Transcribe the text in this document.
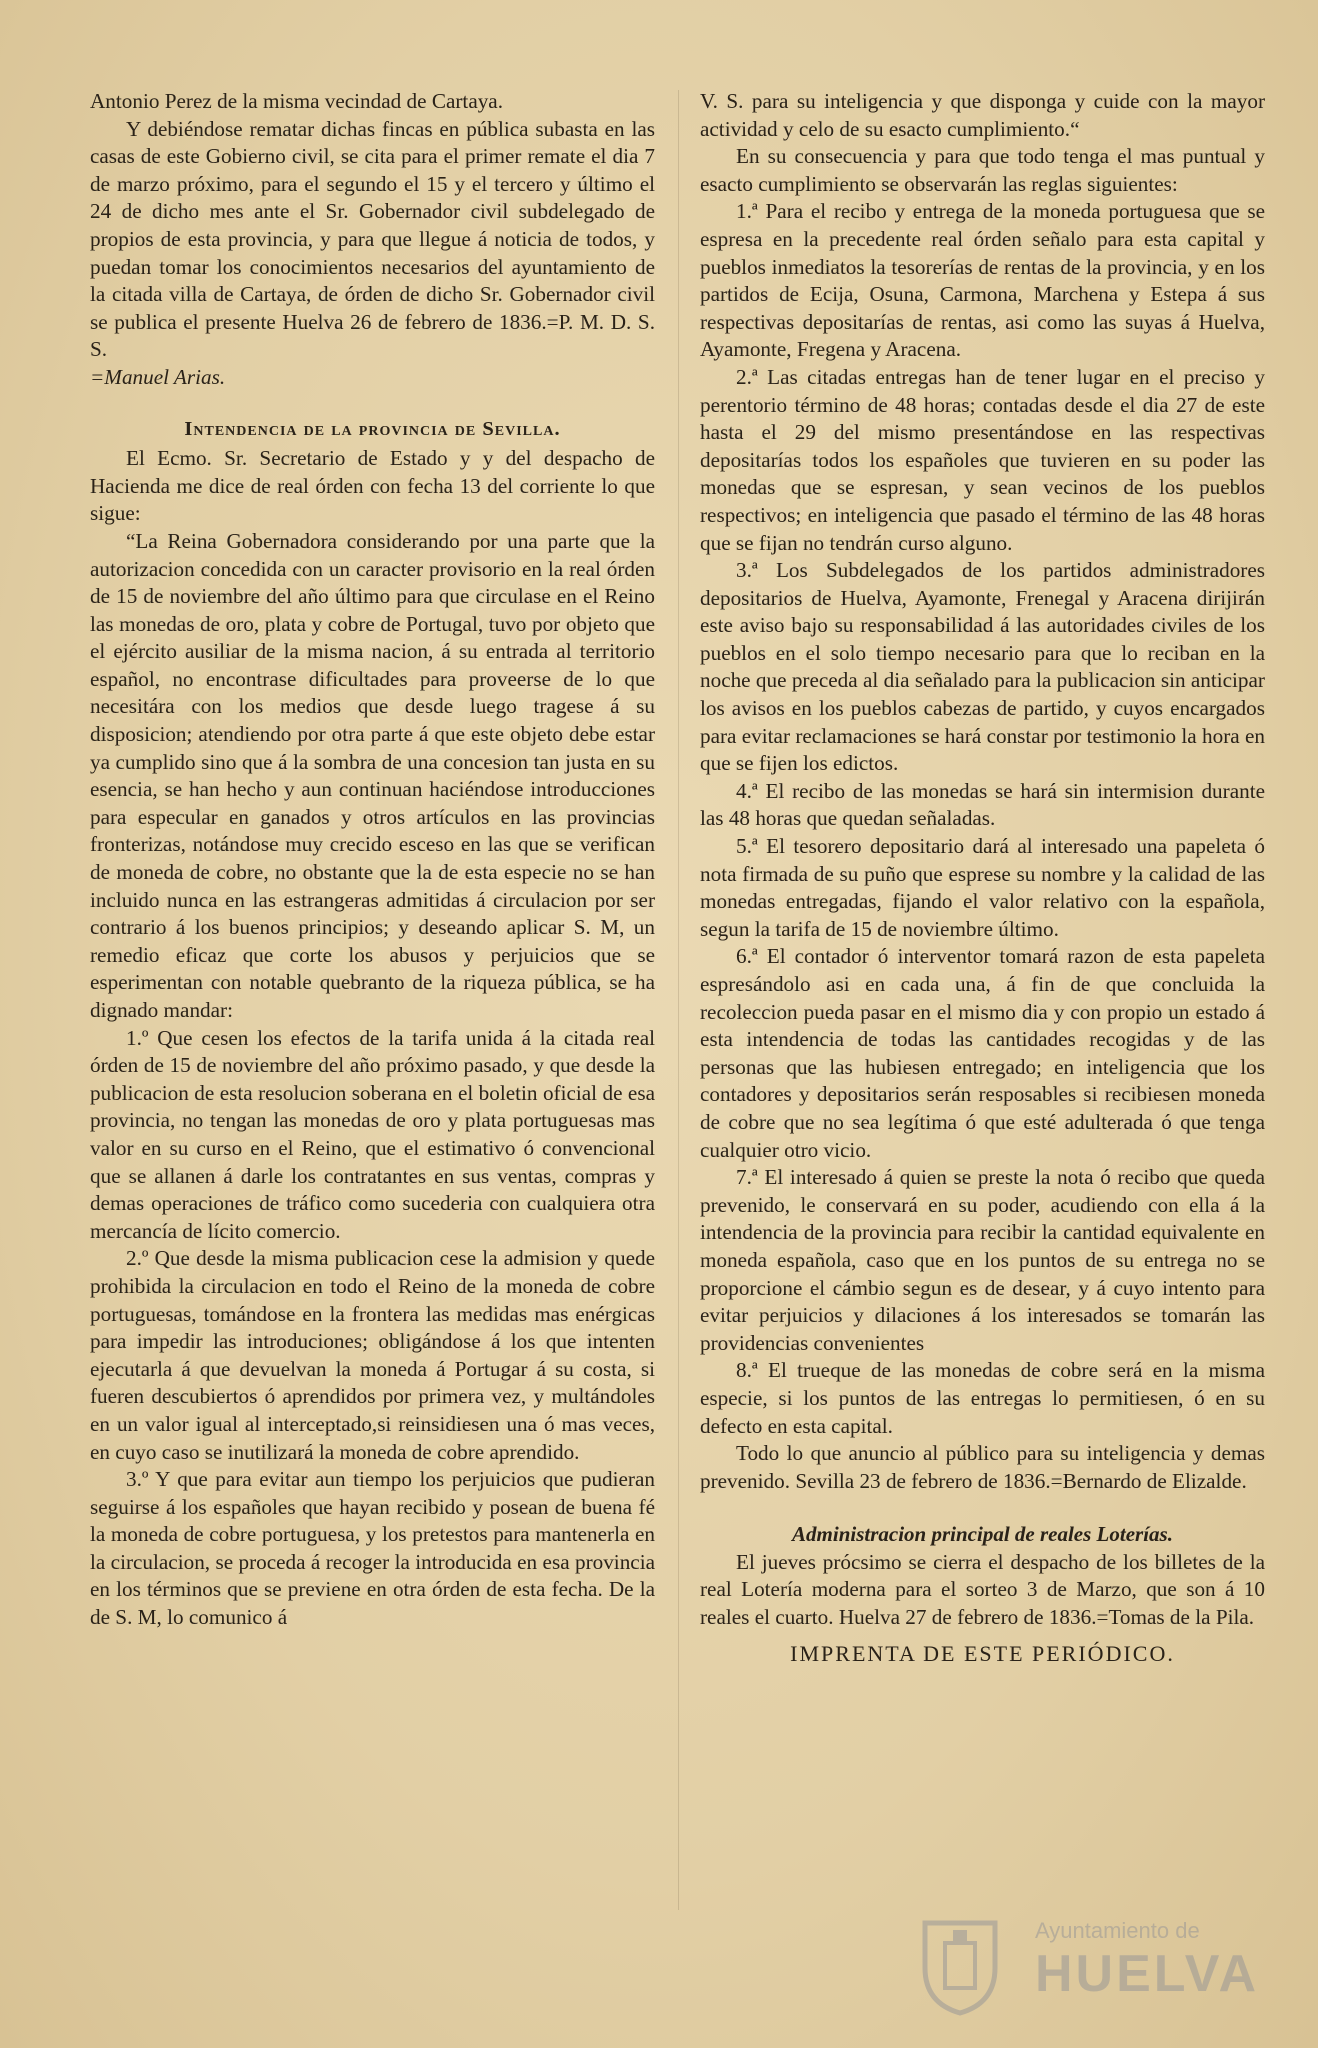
Antonio Perez de la misma vecindad de Cartaya.

Y debiéndose rematar dichas fincas en pública subasta en las casas de este Gobierno civil, se cita para el primer remate el dia 7 de marzo próximo, para el segundo el 15 y el tercero y último el 24 de dicho mes ante el Sr. Gobernador civil subdelegado de propios de esta provincia, y para que llegue á noticia de todos, y puedan tomar los conocimientos necesarios del ayuntamiento de la citada villa de Cartaya, de órden de dicho Sr. Gobernador civil se publica el presente Huelva 26 de febrero de 1836.=P. M. D. S. S.

=Manuel Arias.

Intendencia de la provincia de Sevilla.

El Ecmo. Sr. Secretario de Estado y y del despacho de Hacienda me dice de real órden con fecha 13 del corriente lo que sigue:

“La Reina Gobernadora considerando por una parte que la autorizacion concedida con un caracter provisorio en la real órden de 15 de noviembre del año último para que circulase en el Reino las monedas de oro, plata y cobre de Portugal, tuvo por objeto que el ejército ausiliar de la misma nacion, á su entrada al territorio español, no encontrase dificultades para proveerse de lo que necesitára con los medios que desde luego tragese á su disposicion; atendiendo por otra parte á que este objeto debe estar ya cumplido sino que á la sombra de una concesion tan justa en su esencia, se han hecho y aun continuan haciéndose introducciones para especular en ganados y otros artículos en las provincias fronterizas, notándose muy crecido esceso en las que se verifican de moneda de cobre, no obstante que la de esta especie no se han incluido nunca en las estrangeras admitidas á circulacion por ser contrario á los buenos principios; y deseando aplicar S. M, un remedio eficaz que corte los abusos y perjuicios que se esperimentan con notable quebranto de la riqueza pública, se ha dignado mandar:

1.º Que cesen los efectos de la tarifa unida á la citada real órden de 15 de noviembre del año próximo pasado, y que desde la publicacion de esta resolucion soberana en el boletin oficial de esa provincia, no tengan las monedas de oro y plata portuguesas mas valor en su curso en el Reino, que el estimativo ó convencional que se allanen á darle los contratantes en sus ventas, compras y demas operaciones de tráfico como sucederia con cualquiera otra mercancía de lícito comercio.

2.º Que desde la misma publicacion cese la admision y quede prohibida la circulacion en todo el Reino de la moneda de cobre portuguesas, tomándose en la frontera las medidas mas enérgicas para impedir las introduciones; obligándose á los que intenten ejecutarla á que devuelvan la moneda á Portugar á su costa, si fueren descubiertos ó aprendidos por primera vez, y multándoles en un valor igual al interceptado,si reinsidiesen una ó mas veces, en cuyo caso se inutilizará la moneda de cobre aprendido.

3.º Y que para evitar aun tiempo los perjuicios que pudieran seguirse á los españoles que hayan recibido y posean de buena fé la moneda de cobre portuguesa, y los pretestos para mantenerla en la circulacion, se proceda á recoger la introducida en esa provincia en los términos que se previene en otra órden de esta fecha. De la de S. M, lo comunico á

V. S. para su inteligencia y que disponga y cuide con la mayor actividad y celo de su esacto cumplimiento.“

En su consecuencia y para que todo tenga el mas puntual y esacto cumplimiento se observarán las reglas siguientes:

1.ª Para el recibo y entrega de la moneda portuguesa que se espresa en la precedente real órden señalo para esta capital y pueblos inmediatos la tesorerías de rentas de la provincia, y en los partidos de Ecija, Osuna, Carmona, Marchena y Estepa á sus respectivas depositarías de rentas, asi como las suyas á Huelva, Ayamonte, Fregena y Aracena.

2.ª Las citadas entregas han de tener lugar en el preciso y perentorio término de 48 horas; contadas desde el dia 27 de este hasta el 29 del mismo presentándose en las respectivas depositarías todos los españoles que tuvieren en su poder las monedas que se espresan, y sean vecinos de los pueblos respectivos; en inteligencia que pasado el término de las 48 horas que se fijan no tendrán curso alguno.

3.ª Los Subdelegados de los partidos administradores depositarios de Huelva, Ayamonte, Frenegal y Aracena dirijirán este aviso bajo su responsabilidad á las autoridades civiles de los pueblos en el solo tiempo necesario para que lo reciban en la noche que preceda al dia señalado para la publicacion sin anticipar los avisos en los pueblos cabezas de partido, y cuyos encargados para evitar reclamaciones se hará constar por testimonio la hora en que se fijen los edictos.

4.ª El recibo de las monedas se hará sin intermision durante las 48 horas que quedan señaladas.

5.ª El tesorero depositario dará al interesado una papeleta ó nota firmada de su puño que esprese su nombre y la calidad de las monedas entregadas, fijando el valor relativo con la española, segun la tarifa de 15 de noviembre último.

6.ª El contador ó interventor tomará razon de esta papeleta espresándolo asi en cada una, á fin de que concluida la recoleccion pueda pasar en el mismo dia y con propio un estado á esta intendencia de todas las cantidades recogidas y de las personas que las hubiesen entregado; en inteligencia que los contadores y depositarios serán resposables si recibiesen moneda de cobre que no sea legítima ó que esté adulterada ó que tenga cualquier otro vicio.

7.ª El interesado á quien se preste la nota ó recibo que queda prevenido, le conservará en su poder, acudiendo con ella á la intendencia de la provincia para recibir la cantidad equivalente en moneda española, caso que en los puntos de su entrega no se proporcione el cámbio segun es de desear, y á cuyo intento para evitar perjuicios y dilaciones á los interesados se tomarán las providencias convenientes

8.ª El trueque de las monedas de cobre será en la misma especie, si los puntos de las entregas lo permitiesen, ó en su defecto en esta capital.

Todo lo que anuncio al público para su inteligencia y demas prevenido. Sevilla 23 de febrero de 1836.=Bernardo de Elizalde.

Administracion principal de reales Loterías.

El jueves prócsimo se cierra el despacho de los billetes de la real Lotería moderna para el sorteo 3 de Marzo, que son á 10 reales el cuarto. Huelva 27 de febrero de 1836.=Tomas de la Pila.

IMPRENTA DE ESTE PERIÓDICO.

Ayuntamiento de
HUELVA
